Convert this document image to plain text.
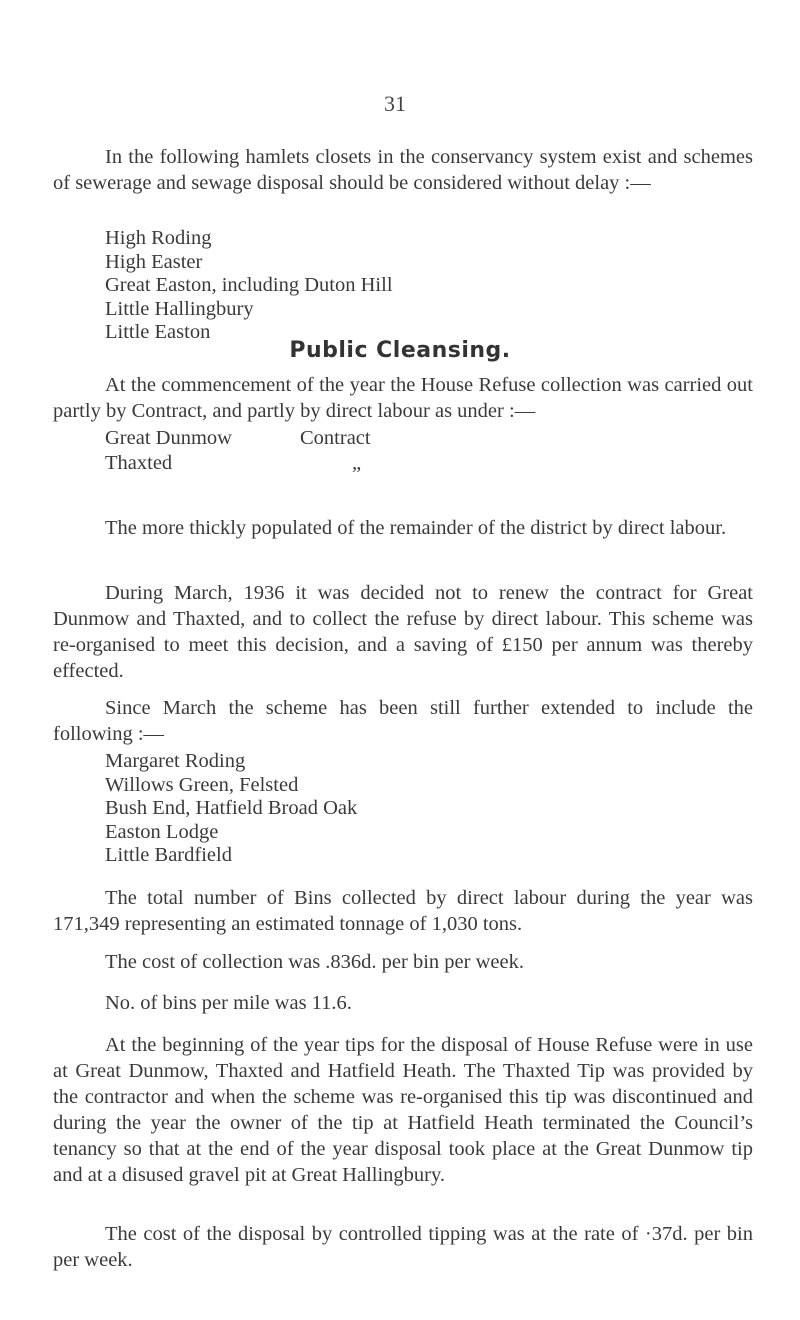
31

In the following hamlets closets in the conservancy system exist and schemes of sewerage and sewage disposal should be considered without delay :—

High Roding
High Easter
Great Easton, including Duton Hill
Little Hallingbury
Little Easton
Public Cleansing.

At the commencement of the year the House Refuse collection was carried out partly by Contract, and partly by direct labour as under :—

Great Dunmow	Contract
Thaxted	„

The more thickly populated of the remainder of the district by direct labour.

During March, 1936 it was decided not to renew the contract for Great Dunmow and Thaxted, and to collect the refuse by direct labour. This scheme was re-organised to meet this decision, and a saving of £150 per annum was thereby effected.

Since March the scheme has been still further extended to include the following :—

Margaret Roding
Willows Green, Felsted
Bush End, Hatfield Broad Oak
Easton Lodge
Little Bardfield

The total number of Bins collected by direct labour during the year was 171,349 representing an estimated tonnage of 1,030 tons.

The cost of collection was .836d. per bin per week.

No. of bins per mile was 11.6.

At the beginning of the year tips for the disposal of House Refuse were in use at Great Dunmow, Thaxted and Hatfield Heath. The Thaxted Tip was provided by the contractor and when the scheme was re-organised this tip was discontinued and during the year the owner of the tip at Hatfield Heath terminated the Council’s tenancy so that at the end of the year disposal took place at the Great Dunmow tip and at a disused gravel pit at Great Hallingbury.

The cost of the disposal by controlled tipping was at the rate of ·37d. per bin per week.
